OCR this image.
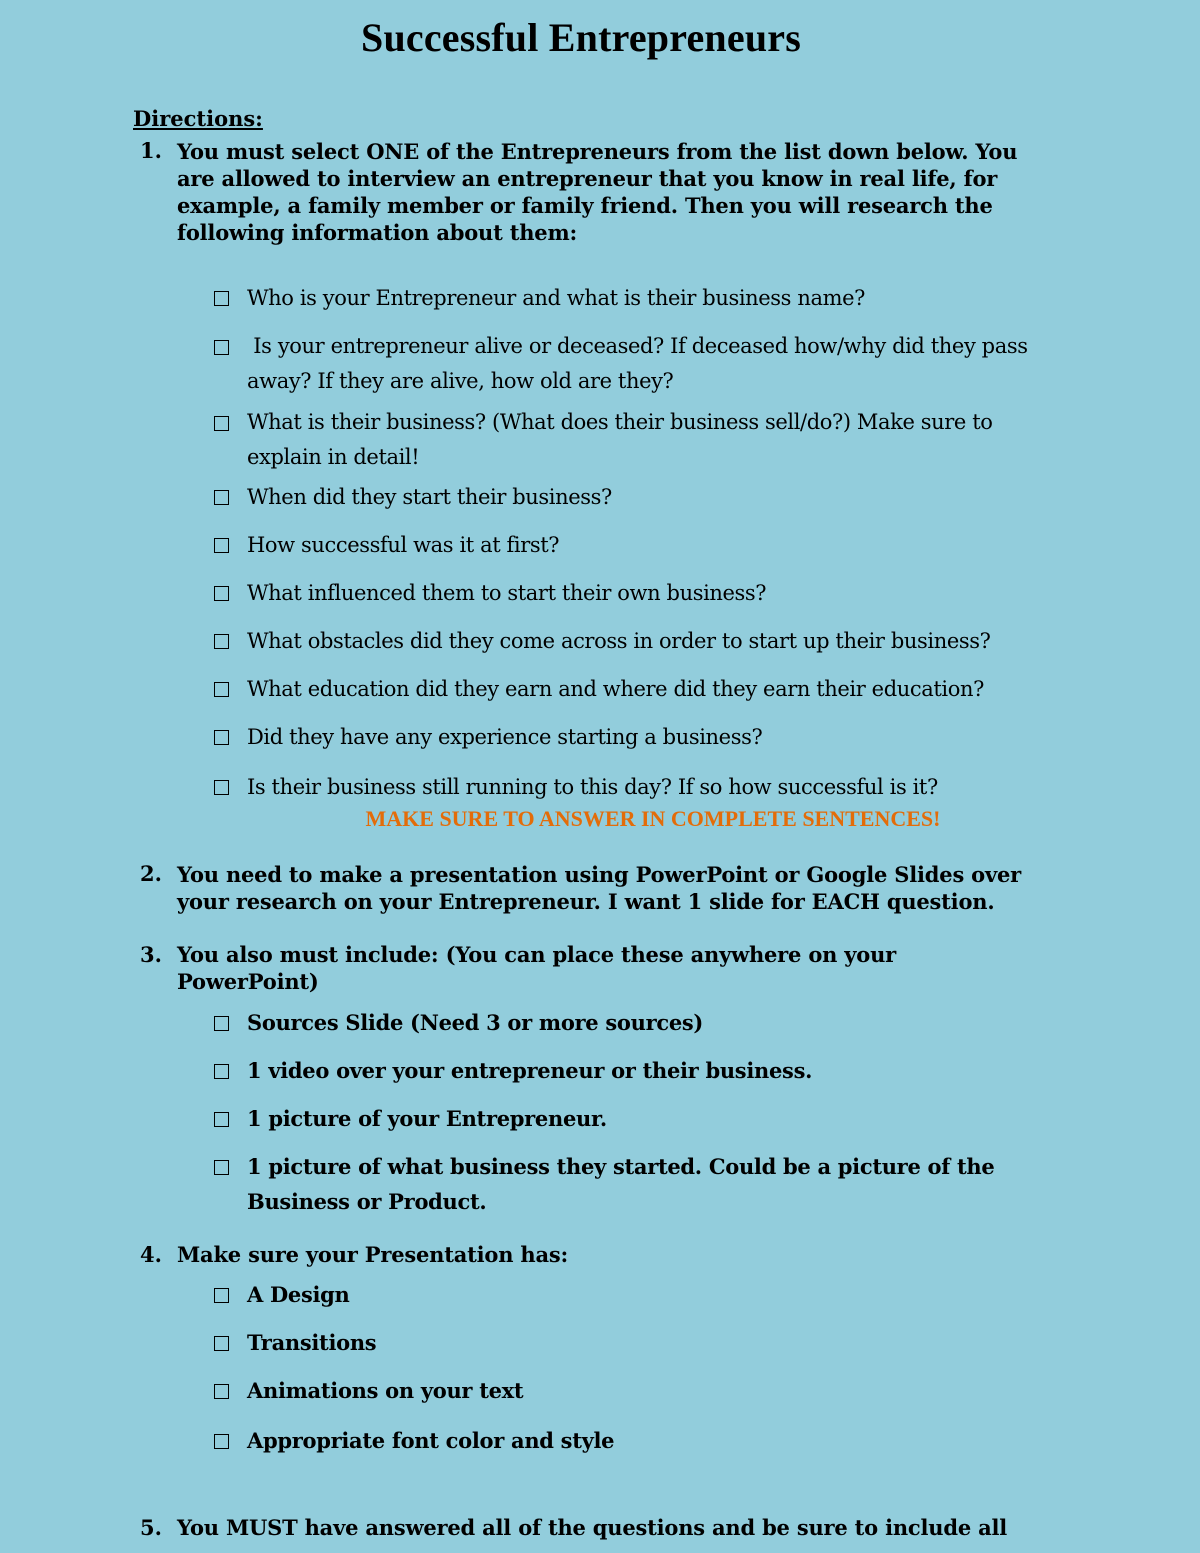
Successful Entrepreneurs
Directions:
1. You must select ONE of the Entrepreneurs from the list down below. You are allowed to interview an entrepreneur that you know in real life, for example, a family member or family friend. Then you will research the following information about them:
Who is your Entrepreneur and what is their business name?
Is your entrepreneur alive or deceased? If deceased how/why did they pass away? If they are alive, how old are they?
What is their business? (What does their business sell/do?) Make sure to explain in detail!
When did they start their business?
How successful was it at first?
What influenced them to start their own business?
What obstacles did they come across in order to start up their business?
What education did they earn and where did they earn their education?
Did they have any experience starting a business?
Is their business still running to this day? If so how successful is it?
MAKE SURE TO ANSWER IN COMPLETE SENTENCES!
2. You need to make a presentation using PowerPoint or Google Slides over your research on your Entrepreneur. I want 1 slide for EACH question.
3. You also must include: (You can place these anywhere on your PowerPoint)
Sources Slide (Need 3 or more sources)
1 video over your entrepreneur or their business.
1 picture of your Entrepreneur.
1 picture of what business they started. Could be a picture of the Business or Product.
4. Make sure your Presentation has:
A Design
Transitions
Animations on your text
Appropriate font color and style
5. You MUST have answered all of the questions and be sure to include all
